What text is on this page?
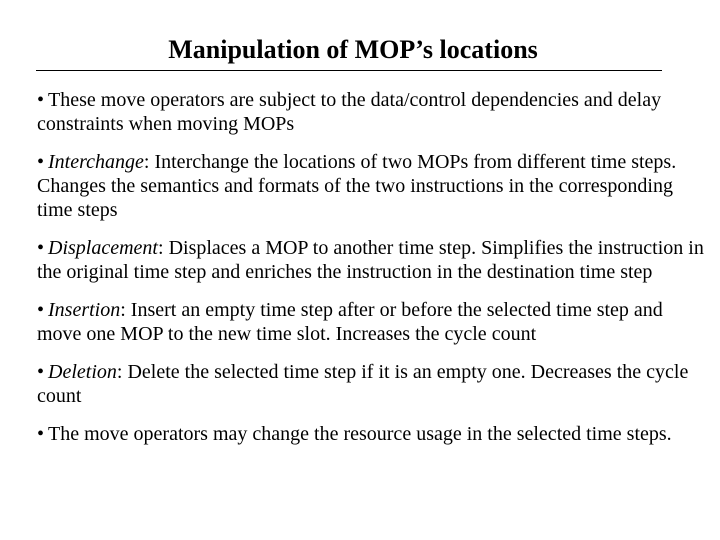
Manipulation of MOP’s locations
• These move operators are subject to the data/control dependencies and delay constraints when moving MOPs
• Interchange: Interchange the locations of two MOPs from different time steps. Changes the semantics and formats of the two instructions in the corresponding time steps
• Displacement: Displaces a MOP to another time step. Simplifies the instruction in the original time step and enriches the instruction in the destination time step
• Insertion: Insert an empty time step after or before the selected time step and move one MOP to the new time slot. Increases the cycle count
• Deletion: Delete the selected time step if it is an empty one. Decreases the cycle count
• The move operators may change the resource usage in the selected time steps.
